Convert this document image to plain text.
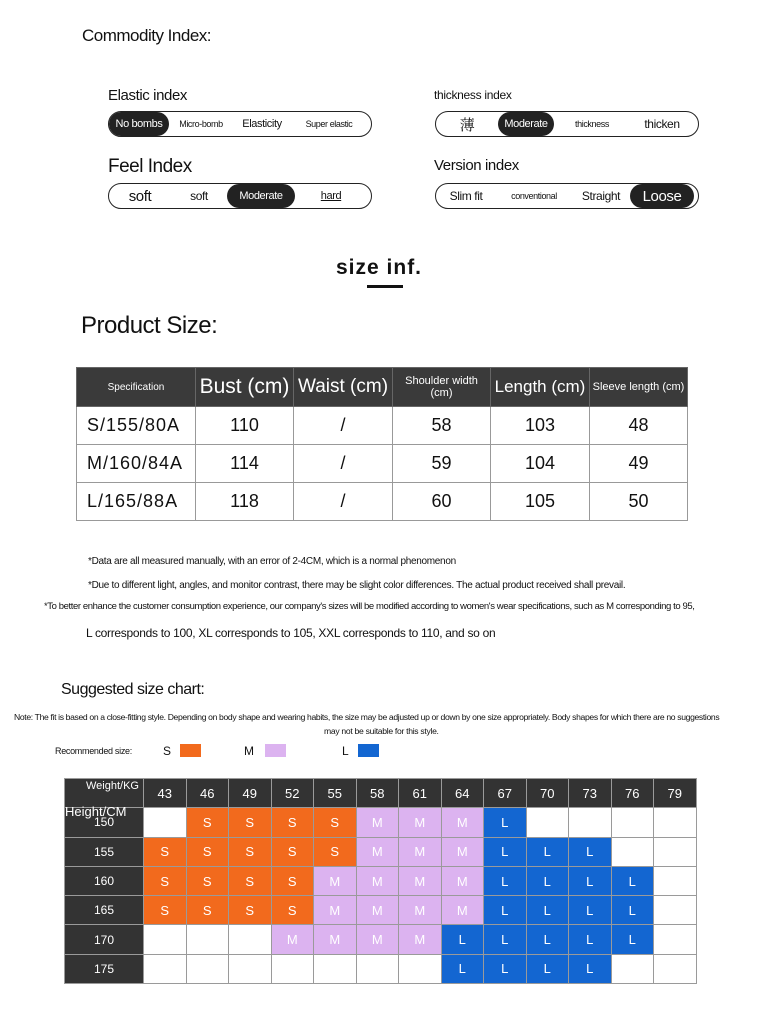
Commodity Index:
Elastic index
No bombs	Micro-bomb	Elasticity	Super elastic
thickness index
薄	Moderate	thickness	thicken
Feel Index
soft	soft	Moderate	hard
Version index
Slim fit	conventional	Straight	Loose
size inf.
Product Size:
Specification	Bust (cm)	Waist (cm)	Shoulder width (cm)	Length (cm)	Sleeve length (cm)
S/155/80A	110	/	58	103	48
M/160/84A	114	/	59	104	49
L/165/88A	118	/	60	105	50
*Data are all measured manually, with an error of 2-4CM, which is a normal phenomenon
*Due to different light, angles, and monitor contrast, there may be slight color differences. The actual product received shall prevail.
*To better enhance the customer consumption experience, our company's sizes will be modified according to women's wear specifications, such as M corresponding to 95,
L corresponds to 100, XL corresponds to 105, XXL corresponds to 110, and so on
Suggested size chart:
Note: The fit is based on a close-fitting style. Depending on body shape and wearing habits, the size may be adjusted up or down by one size appropriately. Body shapes for which there are no suggestions
may not be suitable for this style.
Recommended size:	S	M	L
Weight/KG
Height/CM	43	46	49	52	55	58	61	64	67	70	73	76	79
150		S	S	S	S	M	M	M	L				
155	S	S	S	S	S	M	M	M	L	L	L		
160	S	S	S	S	M	M	M	M	L	L	L	L	
165	S	S	S	S	M	M	M	M	L	L	L	L	
170				M	M	M	M	L	L	L	L	L	
175								L	L	L	L		
